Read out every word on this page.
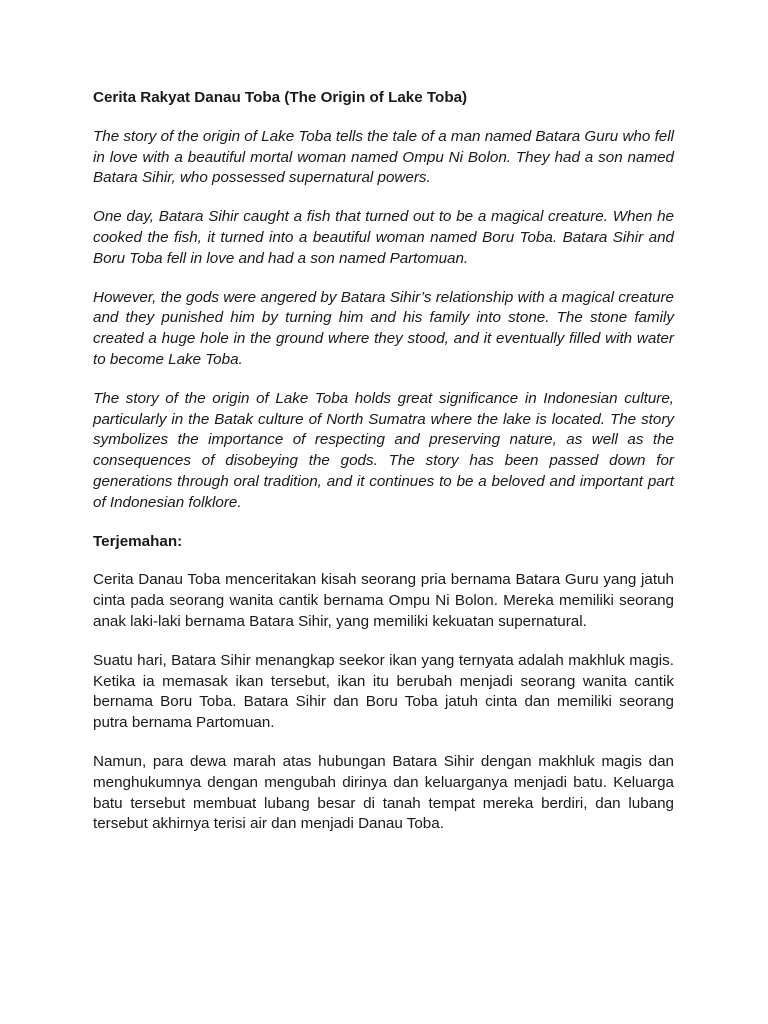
Cerita Rakyat Danau Toba (The Origin of Lake Toba)

The story of the origin of Lake Toba tells the tale of a man named Batara Guru who fell in love with a beautiful mortal woman named Ompu Ni Bolon. They had a son named Batara Sihir, who possessed supernatural powers.

One day, Batara Sihir caught a fish that turned out to be a magical creature. When he cooked the fish, it turned into a beautiful woman named Boru Toba. Batara Sihir and Boru Toba fell in love and had a son named Partomuan.

However, the gods were angered by Batara Sihir’s relationship with a magical creature and they punished him by turning him and his family into stone. The stone family created a huge hole in the ground where they stood, and it eventually filled with water to become Lake Toba.

The story of the origin of Lake Toba holds great significance in Indonesian culture, particularly in the Batak culture of North Sumatra where the lake is located. The story symbolizes the importance of respecting and preserving nature, as well as the consequences of disobeying the gods. The story has been passed down for generations through oral tradition, and it continues to be a beloved and important part of Indonesian folklore.

Terjemahan:

Cerita Danau Toba menceritakan kisah seorang pria bernama Batara Guru yang jatuh cinta pada seorang wanita cantik bernama Ompu Ni Bolon. Mereka memiliki seorang anak laki-laki bernama Batara Sihir, yang memiliki kekuatan supernatural.

Suatu hari, Batara Sihir menangkap seekor ikan yang ternyata adalah makhluk magis. Ketika ia memasak ikan tersebut, ikan itu berubah menjadi seorang wanita cantik bernama Boru Toba. Batara Sihir dan Boru Toba jatuh cinta dan memiliki seorang putra bernama Partomuan.

Namun, para dewa marah atas hubungan Batara Sihir dengan makhluk magis dan menghukumnya dengan mengubah dirinya dan keluarganya menjadi batu. Keluarga batu tersebut membuat lubang besar di tanah tempat mereka berdiri, dan lubang tersebut akhirnya terisi air dan menjadi Danau Toba.
